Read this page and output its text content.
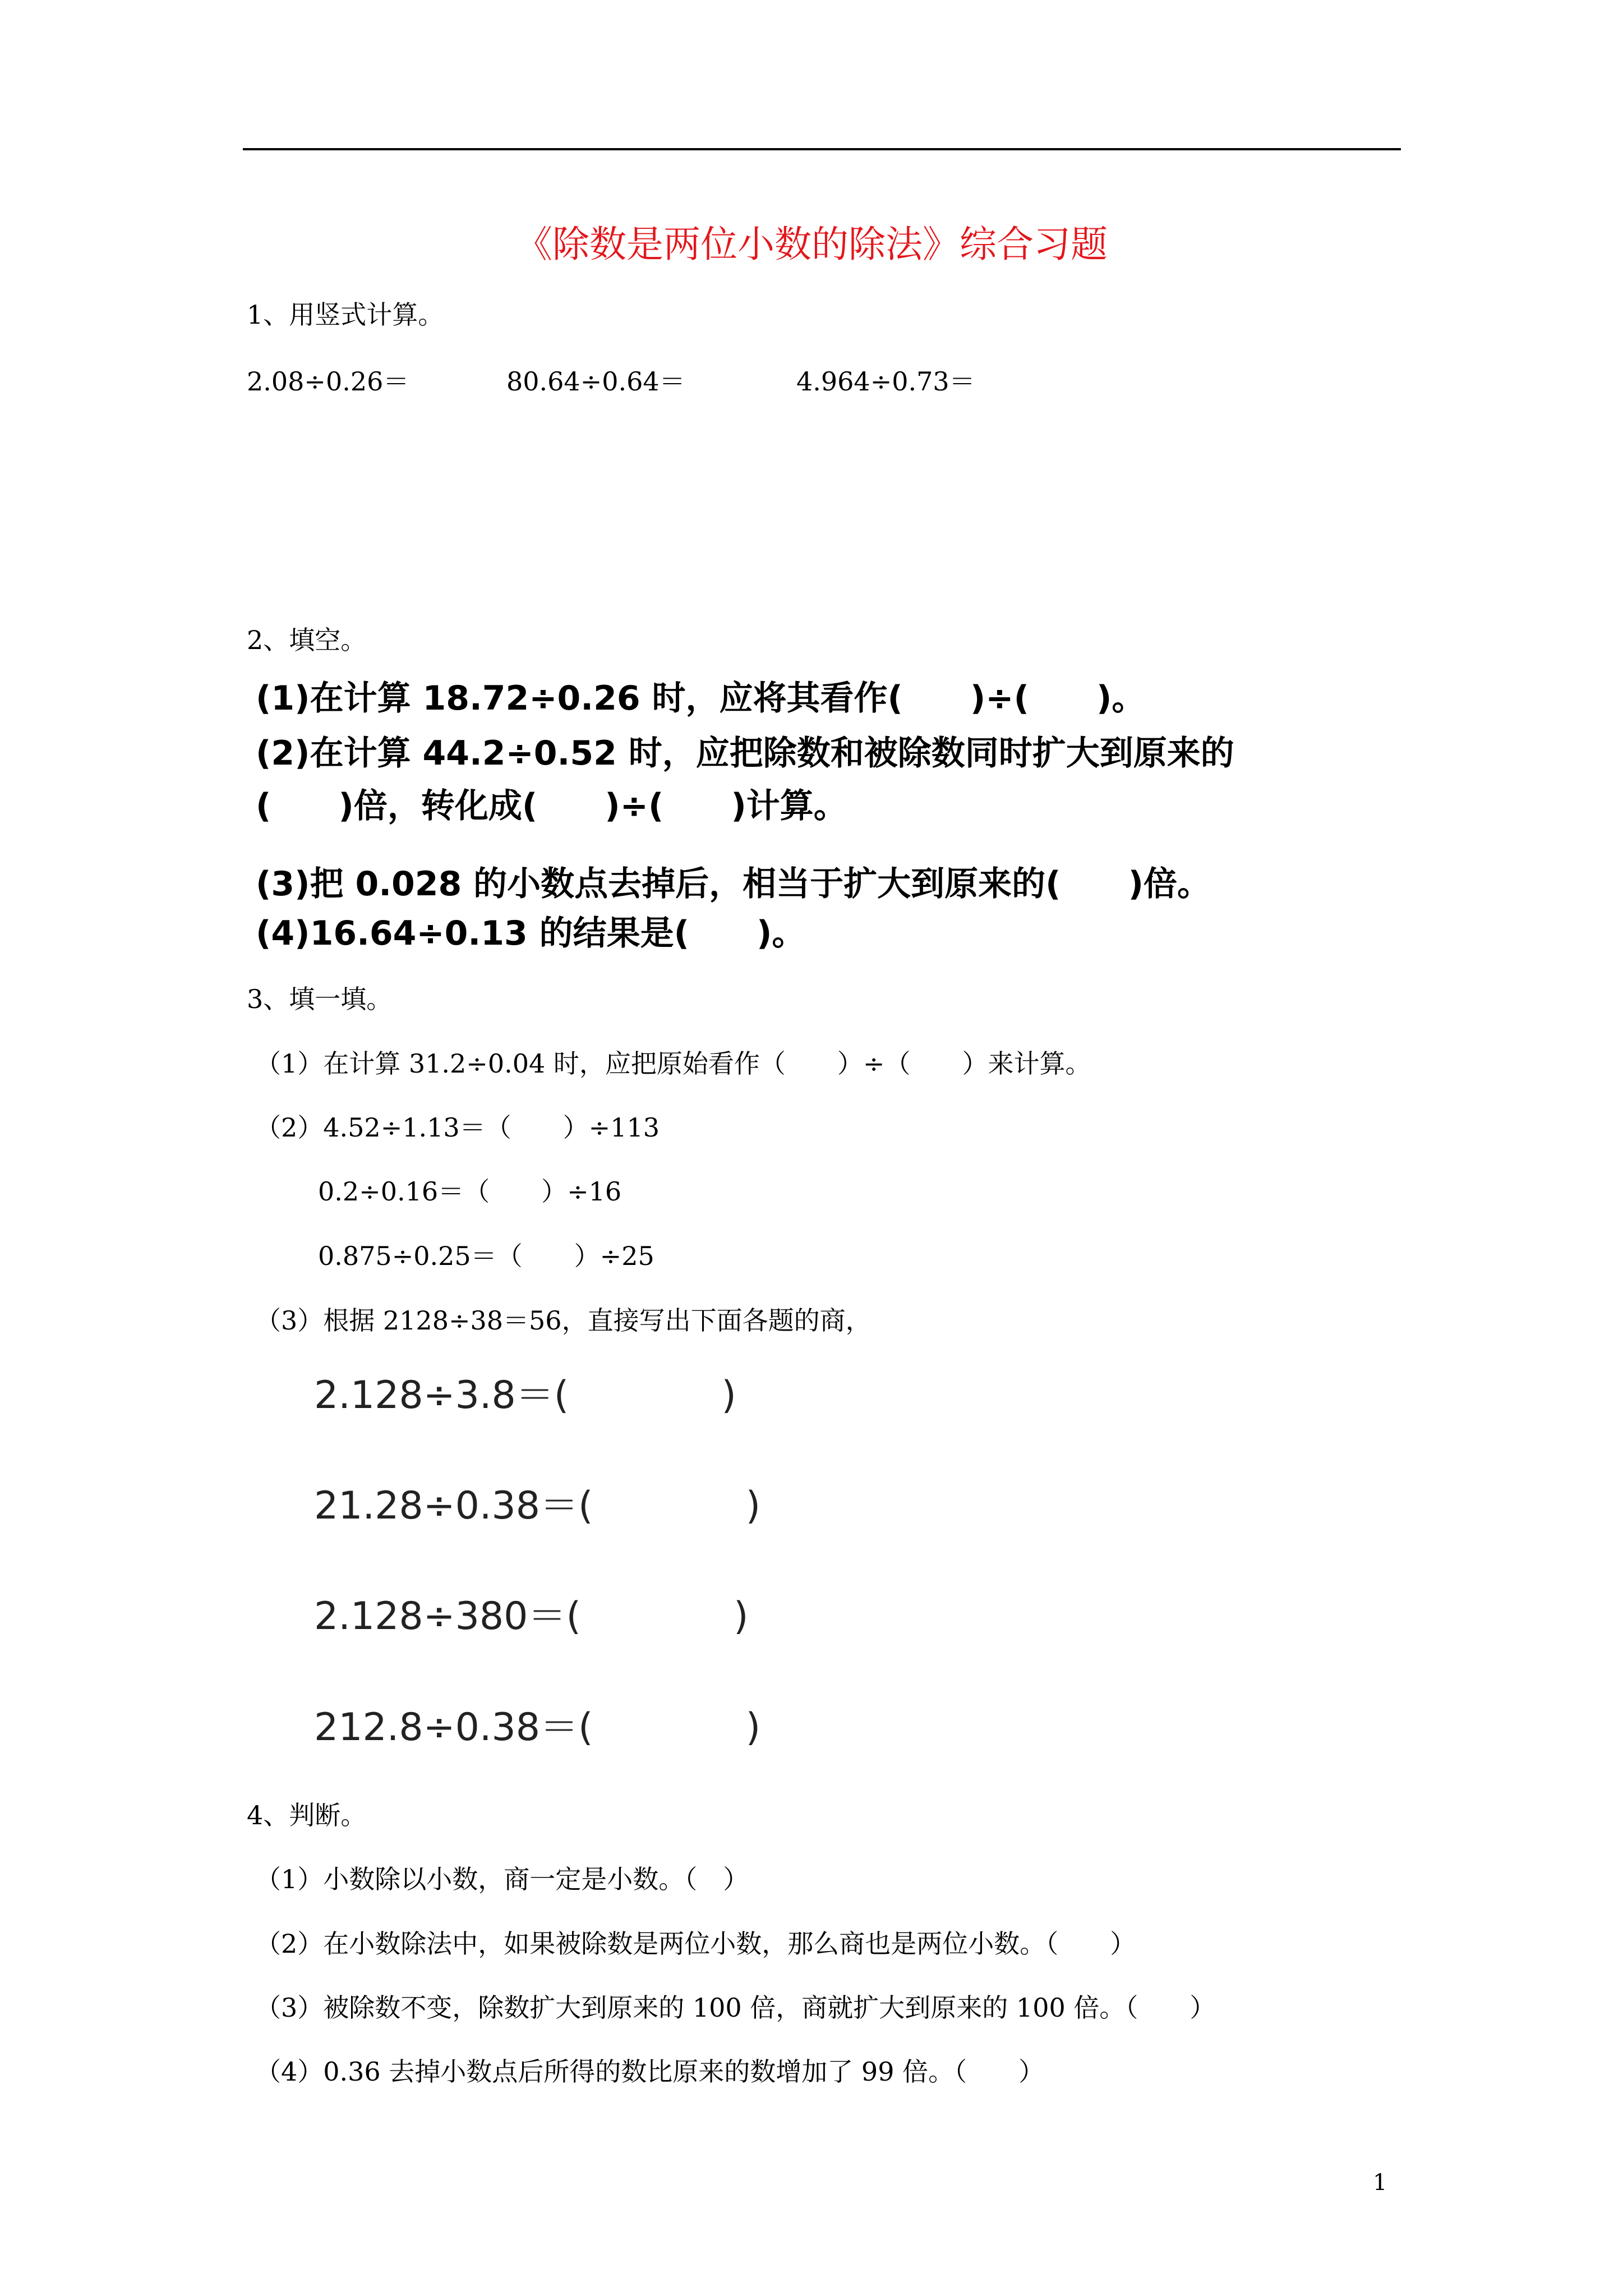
《除数是两位小数的除法》综合习题
1、用竖式计算。
2.08÷0.26＝	80.64÷0.64＝	4.964÷0.73＝
2、填空。
(1)在计算 18.72÷0.26 时，应将其看作(　　)÷(　　)。
(2)在计算 44.2÷0.52 时，应把除数和被除数同时扩大到原来的
(　　)倍，转化成(　　)÷(　　)计算。
(3)把 0.028 的小数点去掉后，相当于扩大到原来的(　　)倍。
(4)16.64÷0.13 的结果是(　　)。
3、填一填。
（1）在计算 31.2÷0.04 时，应把原始看作（　　）÷（　　）来计算。
（2）4.52÷1.13＝（　　）÷113
0.2÷0.16＝（　　）÷16
0.875÷0.25＝（　　）÷25
（3）根据 2128÷38＝56，直接写出下面各题的商，
2.128÷3.8＝(　　　　)
21.28÷0.38＝(　　　　)
2.128÷380＝(　　　　)
212.8÷0.38＝(　　　　)
4、判断。
（1）小数除以小数，商一定是小数。（　）
（2）在小数除法中，如果被除数是两位小数，那么商也是两位小数。（　　）
（3）被除数不变，除数扩大到原来的 100 倍，商就扩大到原来的 100 倍。（　　）
（4）0.36 去掉小数点后所得的数比原来的数增加了 99 倍。（　　）
1
